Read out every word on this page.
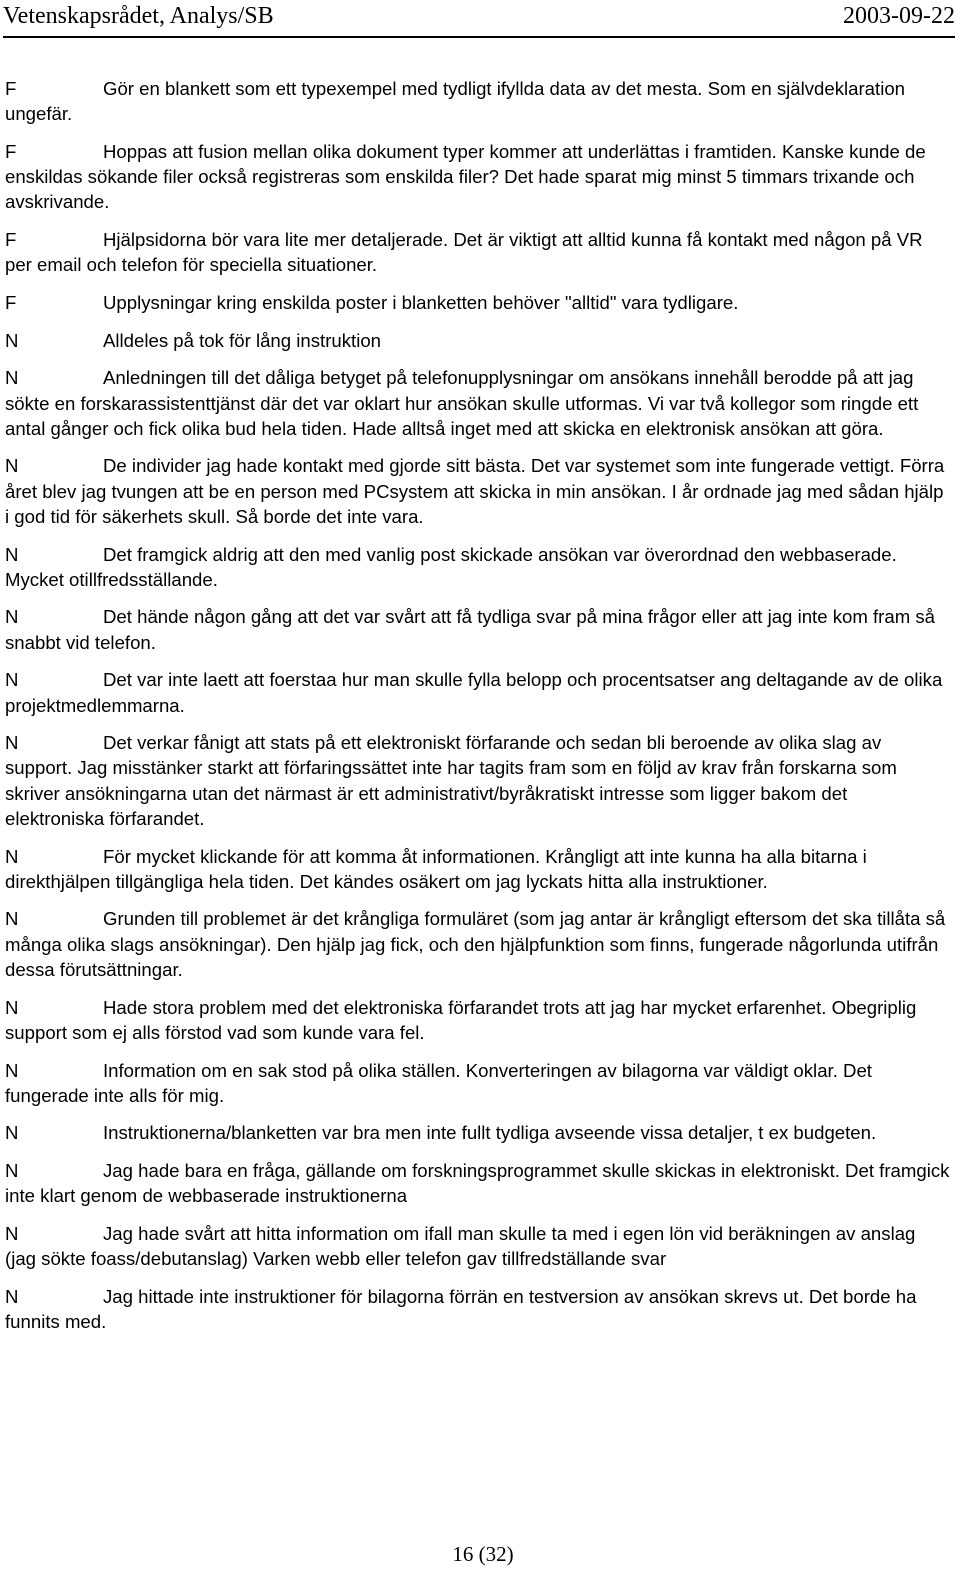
Vetenskapsrådet, Analys/SB	2003-09-22

F	Gör en blankett som ett typexempel med tydligt ifyllda data av det mesta. Som en självdeklaration ungefär.

F	Hoppas att fusion mellan olika dokument typer kommer att underlättas i framtiden. Kanske kunde de enskildas sökande filer också registreras som enskilda filer? Det hade sparat mig minst 5 timmars trixande och avskrivande.

F	Hjälpsidorna bör vara lite mer detaljerade. Det är viktigt att alltid kunna få kontakt med någon på VR per email och telefon för speciella situationer.

F	Upplysningar kring enskilda poster i blanketten behöver "alltid" vara tydligare.

N	Alldeles på tok för lång instruktion

N	Anledningen till det dåliga betyget på telefonupplysningar om ansökans innehåll berodde på att jag sökte en forskarassistenttjänst där det var oklart hur ansökan skulle utformas. Vi var två kollegor som ringde ett antal gånger och fick olika bud hela tiden. Hade alltså inget med att skicka en elektronisk ansökan att göra.

N	De individer jag hade kontakt med gjorde sitt bästa. Det var systemet som inte fungerade vettigt. Förra året blev jag tvungen att be en person med PCsystem att skicka in min ansökan. I år ordnade jag med sådan hjälp i god tid för säkerhets skull. Så borde det inte vara.

N	Det framgick aldrig att den med vanlig post skickade ansökan var överordnad den webbaserade. Mycket otillfredsställande.

N	Det hände någon gång att det var svårt att få tydliga svar på mina frågor eller att jag inte kom fram så snabbt vid telefon.

N	Det var inte laett att foerstaa hur man skulle fylla belopp och procentsatser ang deltagande av de olika projektmedlemmarna.

N	Det verkar fånigt att stats på ett elektroniskt förfarande och sedan bli beroende av olika slag av support. Jag misstänker starkt att förfaringssättet inte har tagits fram som en följd av krav från forskarna som skriver ansökningarna utan det närmast är ett administrativt/byråkratiskt intresse som ligger bakom det elektroniska förfarandet.

N	För mycket klickande för att komma åt informationen. Krångligt att inte kunna ha alla bitarna i direkthjälpen tillgängliga hela tiden. Det kändes osäkert om jag lyckats hitta alla instruktioner.

N	Grunden till problemet är det krångliga formuläret (som jag antar är krångligt eftersom det ska tillåta så många olika slags ansökningar). Den hjälp jag fick, och den hjälpfunktion som finns, fungerade någorlunda utifrån dessa förutsättningar.

N	Hade stora problem med det elektroniska förfarandet trots att jag har mycket erfarenhet. Obegriplig support som ej alls förstod vad som kunde vara fel.

N	Information om en sak stod på olika ställen. Konverteringen av bilagorna var väldigt oklar. Det fungerade inte alls för mig.

N	Instruktionerna/blanketten var bra men inte fullt tydliga avseende vissa detaljer, t ex budgeten.

N	Jag hade bara en fråga, gällande om forskningsprogrammet skulle skickas in elektroniskt. Det framgick inte klart genom de webbaserade instruktionerna

N	Jag hade svårt att hitta information om ifall man skulle ta med i egen lön vid beräkningen av anslag (jag sökte foass/debutanslag) Varken webb eller telefon gav tillfredställande svar

N	Jag hittade inte instruktioner för bilagorna förrän en testversion av ansökan skrevs ut. Det borde ha funnits med.

16 (32)
